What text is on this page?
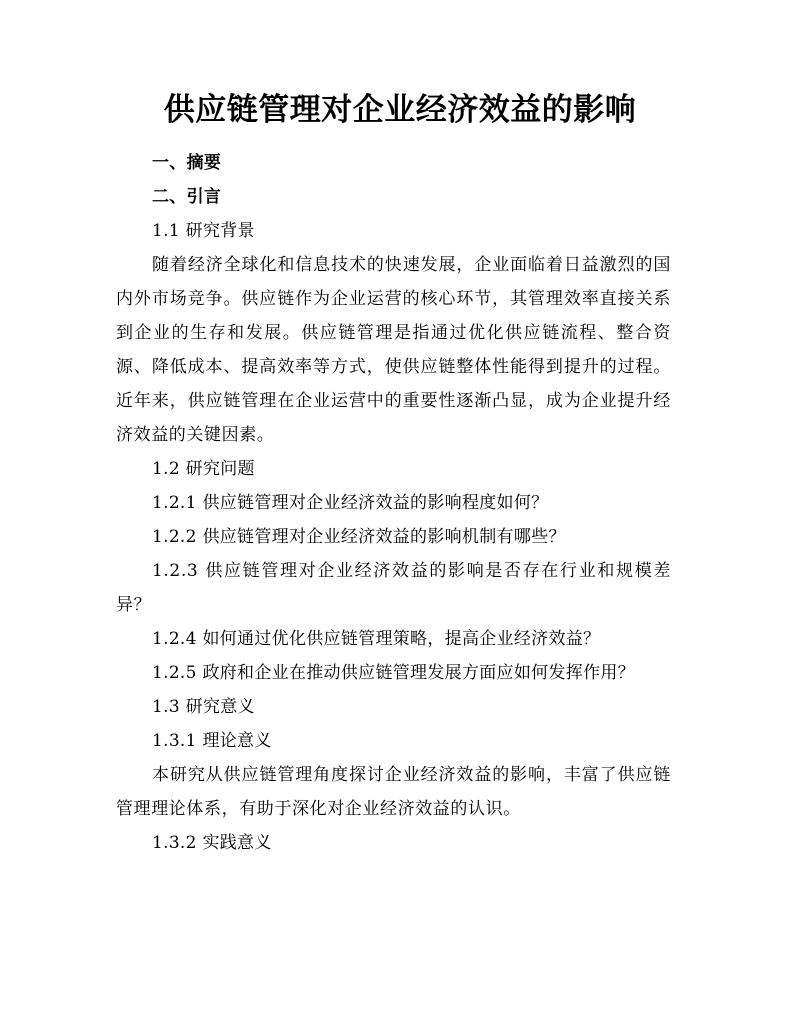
供应链管理对企业经济效益的影响

一、摘要

二、引言

1.1 研究背景

随着经济全球化和信息技术的快速发展，企业面临着日益激烈的国内外市场竞争。供应链作为企业运营的核心环节，其管理效率直接关系到企业的生存和发展。供应链管理是指通过优化供应链流程、整合资源、降低成本、提高效率等方式，使供应链整体性能得到提升的过程。近年来，供应链管理在企业运营中的重要性逐渐凸显，成为企业提升经济效益的关键因素。

1.2 研究问题

1.2.1 供应链管理对企业经济效益的影响程度如何？

1.2.2 供应链管理对企业经济效益的影响机制有哪些？

1.2.3 供应链管理对企业经济效益的影响是否存在行业和规模差异？

1.2.4 如何通过优化供应链管理策略，提高企业经济效益？

1.2.5 政府和企业在推动供应链管理发展方面应如何发挥作用？

1.3 研究意义

1.3.1 理论意义

本研究从供应链管理角度探讨企业经济效益的影响，丰富了供应链管理理论体系，有助于深化对企业经济效益的认识。

1.3.2 实践意义
